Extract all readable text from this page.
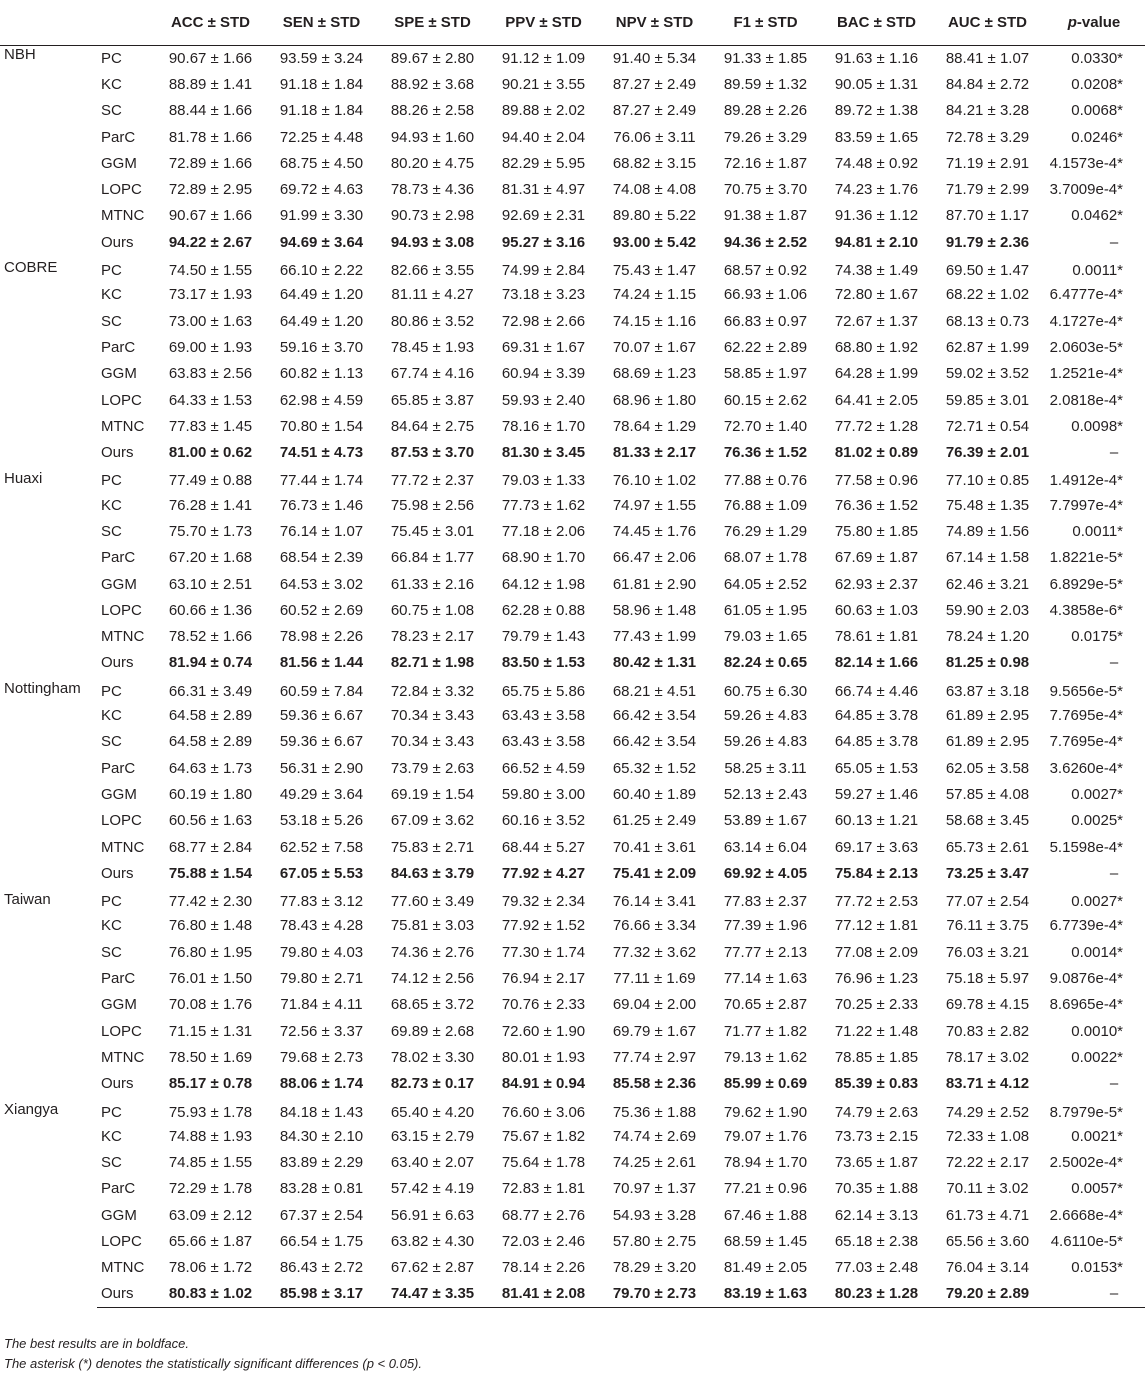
		ACC ± STD	SEN ± STD	SPE ± STD	PPV ± STD	NPV ± STD	F1 ± STD	BAC ± STD	AUC ± STD	p-value
NBH	PC	90.67 ± 1.66	93.59 ± 3.24	89.67 ± 2.80	91.12 ± 1.09	91.40 ± 5.34	91.33 ± 1.85	91.63 ± 1.16	88.41 ± 1.07	0.0330*
	KC	88.89 ± 1.41	91.18 ± 1.84	88.92 ± 3.68	90.21 ± 3.55	87.27 ± 2.49	89.59 ± 1.32	90.05 ± 1.31	84.84 ± 2.72	0.0208*
	SC	88.44 ± 1.66	91.18 ± 1.84	88.26 ± 2.58	89.88 ± 2.02	87.27 ± 2.49	89.28 ± 2.26	89.72 ± 1.38	84.21 ± 3.28	0.0068*
	ParC	81.78 ± 1.66	72.25 ± 4.48	94.93 ± 1.60	94.40 ± 2.04	76.06 ± 3.11	79.26 ± 3.29	83.59 ± 1.65	72.78 ± 3.29	0.0246*
	GGM	72.89 ± 1.66	68.75 ± 4.50	80.20 ± 4.75	82.29 ± 5.95	68.82 ± 3.15	72.16 ± 1.87	74.48 ± 0.92	71.19 ± 2.91	4.1573e-4*
	LOPC	72.89 ± 2.95	69.72 ± 4.63	78.73 ± 4.36	81.31 ± 4.97	74.08 ± 4.08	70.75 ± 3.70	74.23 ± 1.76	71.79 ± 2.99	3.7009e-4*
	MTNC	90.67 ± 1.66	91.99 ± 3.30	90.73 ± 2.98	92.69 ± 2.31	89.80 ± 5.22	91.38 ± 1.87	91.36 ± 1.12	87.70 ± 1.17	0.0462*
	Ours	94.22 ± 2.67	94.69 ± 3.64	94.93 ± 3.08	95.27 ± 3.16	93.00 ± 5.42	94.36 ± 2.52	94.81 ± 2.10	91.79 ± 2.36	–
COBRE	PC	74.50 ± 1.55	66.10 ± 2.22	82.66 ± 3.55	74.99 ± 2.84	75.43 ± 1.47	68.57 ± 0.92	74.38 ± 1.49	69.50 ± 1.47	0.0011*
	KC	73.17 ± 1.93	64.49 ± 1.20	81.11 ± 4.27	73.18 ± 3.23	74.24 ± 1.15	66.93 ± 1.06	72.80 ± 1.67	68.22 ± 1.02	6.4777e-4*
	SC	73.00 ± 1.63	64.49 ± 1.20	80.86 ± 3.52	72.98 ± 2.66	74.15 ± 1.16	66.83 ± 0.97	72.67 ± 1.37	68.13 ± 0.73	4.1727e-4*
	ParC	69.00 ± 1.93	59.16 ± 3.70	78.45 ± 1.93	69.31 ± 1.67	70.07 ± 1.67	62.22 ± 2.89	68.80 ± 1.92	62.87 ± 1.99	2.0603e-5*
	GGM	63.83 ± 2.56	60.82 ± 1.13	67.74 ± 4.16	60.94 ± 3.39	68.69 ± 1.23	58.85 ± 1.97	64.28 ± 1.99	59.02 ± 3.52	1.2521e-4*
	LOPC	64.33 ± 1.53	62.98 ± 4.59	65.85 ± 3.87	59.93 ± 2.40	68.96 ± 1.80	60.15 ± 2.62	64.41 ± 2.05	59.85 ± 3.01	2.0818e-4*
	MTNC	77.83 ± 1.45	70.80 ± 1.54	84.64 ± 2.75	78.16 ± 1.70	78.64 ± 1.29	72.70 ± 1.40	77.72 ± 1.28	72.71 ± 0.54	0.0098*
	Ours	81.00 ± 0.62	74.51 ± 4.73	87.53 ± 3.70	81.30 ± 3.45	81.33 ± 2.17	76.36 ± 1.52	81.02 ± 0.89	76.39 ± 2.01	–
Huaxi	PC	77.49 ± 0.88	77.44 ± 1.74	77.72 ± 2.37	79.03 ± 1.33	76.10 ± 1.02	77.88 ± 0.76	77.58 ± 0.96	77.10 ± 0.85	1.4912e-4*
	KC	76.28 ± 1.41	76.73 ± 1.46	75.98 ± 2.56	77.73 ± 1.62	74.97 ± 1.55	76.88 ± 1.09	76.36 ± 1.52	75.48 ± 1.35	7.7997e-4*
	SC	75.70 ± 1.73	76.14 ± 1.07	75.45 ± 3.01	77.18 ± 2.06	74.45 ± 1.76	76.29 ± 1.29	75.80 ± 1.85	74.89 ± 1.56	0.0011*
	ParC	67.20 ± 1.68	68.54 ± 2.39	66.84 ± 1.77	68.90 ± 1.70	66.47 ± 2.06	68.07 ± 1.78	67.69 ± 1.87	67.14 ± 1.58	1.8221e-5*
	GGM	63.10 ± 2.51	64.53 ± 3.02	61.33 ± 2.16	64.12 ± 1.98	61.81 ± 2.90	64.05 ± 2.52	62.93 ± 2.37	62.46 ± 3.21	6.8929e-5*
	LOPC	60.66 ± 1.36	60.52 ± 2.69	60.75 ± 1.08	62.28 ± 0.88	58.96 ± 1.48	61.05 ± 1.95	60.63 ± 1.03	59.90 ± 2.03	4.3858e-6*
	MTNC	78.52 ± 1.66	78.98 ± 2.26	78.23 ± 2.17	79.79 ± 1.43	77.43 ± 1.99	79.03 ± 1.65	78.61 ± 1.81	78.24 ± 1.20	0.0175*
	Ours	81.94 ± 0.74	81.56 ± 1.44	82.71 ± 1.98	83.50 ± 1.53	80.42 ± 1.31	82.24 ± 0.65	82.14 ± 1.66	81.25 ± 0.98	–
Nottingham	PC	66.31 ± 3.49	60.59 ± 7.84	72.84 ± 3.32	65.75 ± 5.86	68.21 ± 4.51	60.75 ± 6.30	66.74 ± 4.46	63.87 ± 3.18	9.5656e-5*
	KC	64.58 ± 2.89	59.36 ± 6.67	70.34 ± 3.43	63.43 ± 3.58	66.42 ± 3.54	59.26 ± 4.83	64.85 ± 3.78	61.89 ± 2.95	7.7695e-4*
	SC	64.58 ± 2.89	59.36 ± 6.67	70.34 ± 3.43	63.43 ± 3.58	66.42 ± 3.54	59.26 ± 4.83	64.85 ± 3.78	61.89 ± 2.95	7.7695e-4*
	ParC	64.63 ± 1.73	56.31 ± 2.90	73.79 ± 2.63	66.52 ± 4.59	65.32 ± 1.52	58.25 ± 3.11	65.05 ± 1.53	62.05 ± 3.58	3.6260e-4*
	GGM	60.19 ± 1.80	49.29 ± 3.64	69.19 ± 1.54	59.80 ± 3.00	60.40 ± 1.89	52.13 ± 2.43	59.27 ± 1.46	57.85 ± 4.08	0.0027*
	LOPC	60.56 ± 1.63	53.18 ± 5.26	67.09 ± 3.62	60.16 ± 3.52	61.25 ± 2.49	53.89 ± 1.67	60.13 ± 1.21	58.68 ± 3.45	0.0025*
	MTNC	68.77 ± 2.84	62.52 ± 7.58	75.83 ± 2.71	68.44 ± 5.27	70.41 ± 3.61	63.14 ± 6.04	69.17 ± 3.63	65.73 ± 2.61	5.1598e-4*
	Ours	75.88 ± 1.54	67.05 ± 5.53	84.63 ± 3.79	77.92 ± 4.27	75.41 ± 2.09	69.92 ± 4.05	75.84 ± 2.13	73.25 ± 3.47	–
Taiwan	PC	77.42 ± 2.30	77.83 ± 3.12	77.60 ± 3.49	79.32 ± 2.34	76.14 ± 3.41	77.83 ± 2.37	77.72 ± 2.53	77.07 ± 2.54	0.0027*
	KC	76.80 ± 1.48	78.43 ± 4.28	75.81 ± 3.03	77.92 ± 1.52	76.66 ± 3.34	77.39 ± 1.96	77.12 ± 1.81	76.11 ± 3.75	6.7739e-4*
	SC	76.80 ± 1.95	79.80 ± 4.03	74.36 ± 2.76	77.30 ± 1.74	77.32 ± 3.62	77.77 ± 2.13	77.08 ± 2.09	76.03 ± 3.21	0.0014*
	ParC	76.01 ± 1.50	79.80 ± 2.71	74.12 ± 2.56	76.94 ± 2.17	77.11 ± 1.69	77.14 ± 1.63	76.96 ± 1.23	75.18 ± 5.97	9.0876e-4*
	GGM	70.08 ± 1.76	71.84 ± 4.11	68.65 ± 3.72	70.76 ± 2.33	69.04 ± 2.00	70.65 ± 2.87	70.25 ± 2.33	69.78 ± 4.15	8.6965e-4*
	LOPC	71.15 ± 1.31	72.56 ± 3.37	69.89 ± 2.68	72.60 ± 1.90	69.79 ± 1.67	71.77 ± 1.82	71.22 ± 1.48	70.83 ± 2.82	0.0010*
	MTNC	78.50 ± 1.69	79.68 ± 2.73	78.02 ± 3.30	80.01 ± 1.93	77.74 ± 2.97	79.13 ± 1.62	78.85 ± 1.85	78.17 ± 3.02	0.0022*
	Ours	85.17 ± 0.78	88.06 ± 1.74	82.73 ± 0.17	84.91 ± 0.94	85.58 ± 2.36	85.99 ± 0.69	85.39 ± 0.83	83.71 ± 4.12	–
Xiangya	PC	75.93 ± 1.78	84.18 ± 1.43	65.40 ± 4.20	76.60 ± 3.06	75.36 ± 1.88	79.62 ± 1.90	74.79 ± 2.63	74.29 ± 2.52	8.7979e-5*
	KC	74.88 ± 1.93	84.30 ± 2.10	63.15 ± 2.79	75.67 ± 1.82	74.74 ± 2.69	79.07 ± 1.76	73.73 ± 2.15	72.33 ± 1.08	0.0021*
	SC	74.85 ± 1.55	83.89 ± 2.29	63.40 ± 2.07	75.64 ± 1.78	74.25 ± 2.61	78.94 ± 1.70	73.65 ± 1.87	72.22 ± 2.17	2.5002e-4*
	ParC	72.29 ± 1.78	83.28 ± 0.81	57.42 ± 4.19	72.83 ± 1.81	70.97 ± 1.37	77.21 ± 0.96	70.35 ± 1.88	70.11 ± 3.02	0.0057*
	GGM	63.09 ± 2.12	67.37 ± 2.54	56.91 ± 6.63	68.77 ± 2.76	54.93 ± 3.28	67.46 ± 1.88	62.14 ± 3.13	61.73 ± 4.71	2.6668e-4*
	LOPC	65.66 ± 1.87	66.54 ± 1.75	63.82 ± 4.30	72.03 ± 2.46	57.80 ± 2.75	68.59 ± 1.45	65.18 ± 2.38	65.56 ± 3.60	4.6110e-5*
	MTNC	78.06 ± 1.72	86.43 ± 2.72	67.62 ± 2.87	78.14 ± 2.26	78.29 ± 3.20	81.49 ± 2.05	77.03 ± 2.48	76.04 ± 3.14	0.0153*
	Ours	80.83 ± 1.02	85.98 ± 3.17	74.47 ± 3.35	81.41 ± 2.08	79.70 ± 2.73	83.19 ± 1.63	80.23 ± 1.28	79.20 ± 2.89	–
The best results are in boldface.
The asterisk (*) denotes the statistically significant differences (p < 0.05).
